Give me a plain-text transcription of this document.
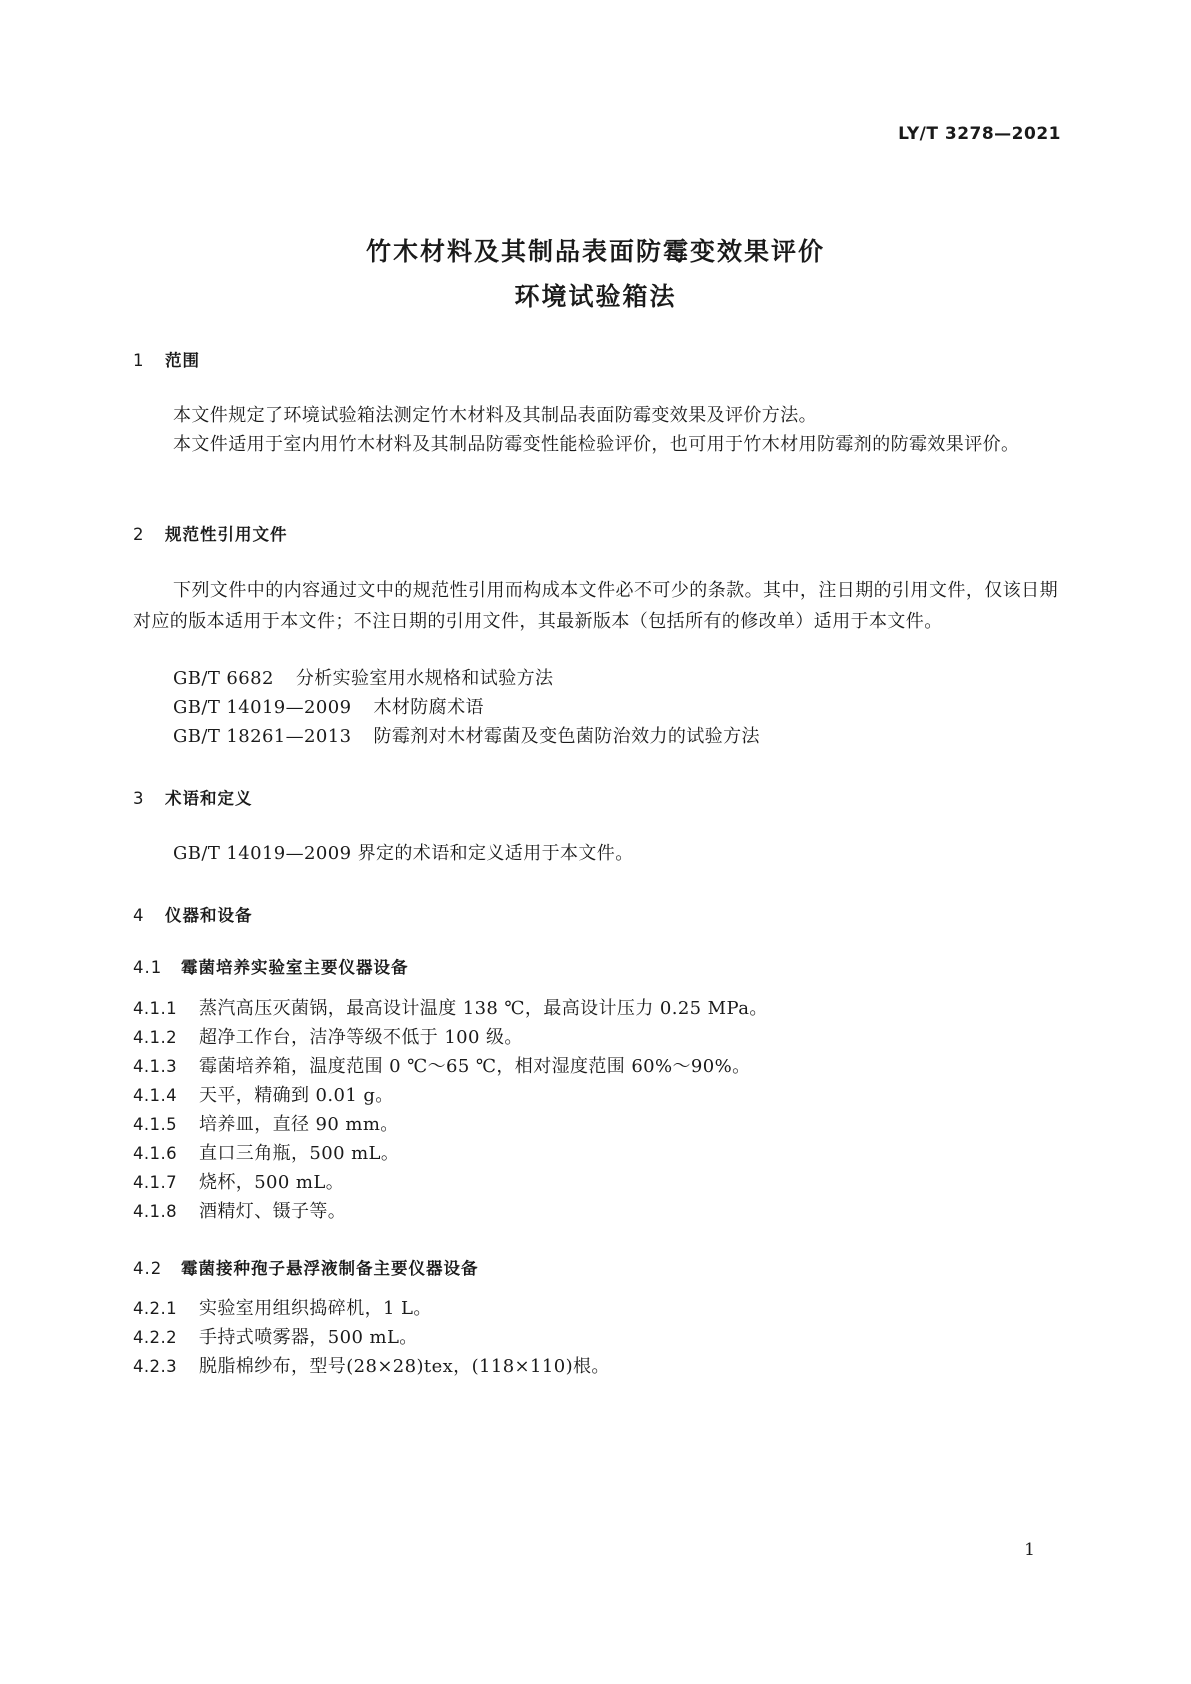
LY/T 3278—2021
竹木材料及其制品表面防霉变效果评价
环境试验箱法
1 范围
本文件规定了环境试验箱法测定竹木材料及其制品表面防霉变效果及评价方法。
本文件适用于室内用竹木材料及其制品防霉变性能检验评价，也可用于竹木材用防霉剂的防霉效果评价。
2 规范性引用文件
下列文件中的内容通过文中的规范性引用而构成本文件必不可少的条款。其中，注日期的引用文件，仅该日期对应的版本适用于本文件；不注日期的引用文件，其最新版本（包括所有的修改单）适用于本文件。
GB/T 6682 分析实验室用水规格和试验方法
GB/T 14019—2009 木材防腐术语
GB/T 18261—2013 防霉剂对木材霉菌及变色菌防治效力的试验方法
3 术语和定义
GB/T 14019—2009 界定的术语和定义适用于本文件。
4 仪器和设备
4.1 霉菌培养实验室主要仪器设备
4.1.1 蒸汽高压灭菌锅，最高设计温度 138 ℃，最高设计压力 0.25 MPa。
4.1.2 超净工作台，洁净等级不低于 100 级。
4.1.3 霉菌培养箱，温度范围 0 ℃～65 ℃，相对湿度范围 60%～90%。
4.1.4 天平，精确到 0.01 g。
4.1.5 培养皿，直径 90 mm。
4.1.6 直口三角瓶，500 mL。
4.1.7 烧杯，500 mL。
4.1.8 酒精灯、镊子等。
4.2 霉菌接种孢子悬浮液制备主要仪器设备
4.2.1 实验室用组织捣碎机，1 L。
4.2.2 手持式喷雾器，500 mL。
4.2.3 脱脂棉纱布，型号(28×28)tex，(118×110)根。
1
